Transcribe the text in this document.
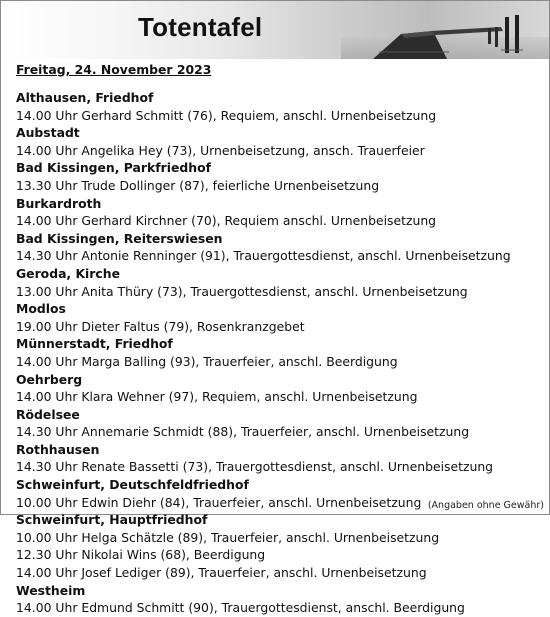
Totentafel
Freitag, 24. November 2023
Althausen, Friedhof
14.00 Uhr Gerhard Schmitt (76), Requiem, anschl. Urnenbeisetzung
Aubstadt
14.00 Uhr Angelika Hey (73), Urnenbeisetzung, ansch. Trauerfeier
Bad Kissingen, Parkfriedhof
13.30 Uhr Trude Dollinger (87), feierliche Urnenbeisetzung
Burkardroth
14.00 Uhr Gerhard Kirchner (70), Requiem anschl. Urnenbeisetzung
Bad Kissingen, Reiterswiesen
14.30 Uhr Antonie Renninger (91), Trauergottesdienst, anschl. Urnenbeisetzung
Geroda, Kirche
13.00 Uhr Anita Thüry (73), Trauergottesdienst, anschl. Urnenbeisetzung
Modlos
19.00 Uhr Dieter Faltus (79), Rosenkranzgebet
Münnerstadt, Friedhof
14.00 Uhr Marga Balling (93), Trauerfeier, anschl. Beerdigung
Oehrberg
14.00 Uhr Klara Wehner (97), Requiem, anschl. Urnenbeisetzung
Rödelsee
14.30 Uhr Annemarie Schmidt (88), Trauerfeier, anschl. Urnenbeisetzung
Rothhausen
14.30 Uhr Renate Bassetti (73), Trauergottesdienst, anschl. Urnenbeisetzung
Schweinfurt, Deutschfeldfriedhof
10.00 Uhr Edwin Diehr (84), Trauerfeier, anschl. Urnenbeisetzung
Schweinfurt, Hauptfriedhof
10.00 Uhr Helga Schätzle (89), Trauerfeier, anschl. Urnenbeisetzung
12.30 Uhr Nikolai Wins (68), Beerdigung
14.00 Uhr Josef Lediger (89), Trauerfeier, anschl. Urnenbeisetzung
Westheim
14.00 Uhr Edmund Schmitt (90), Trauergottesdienst, anschl. Beerdigung
(Angaben ohne Gewähr)
